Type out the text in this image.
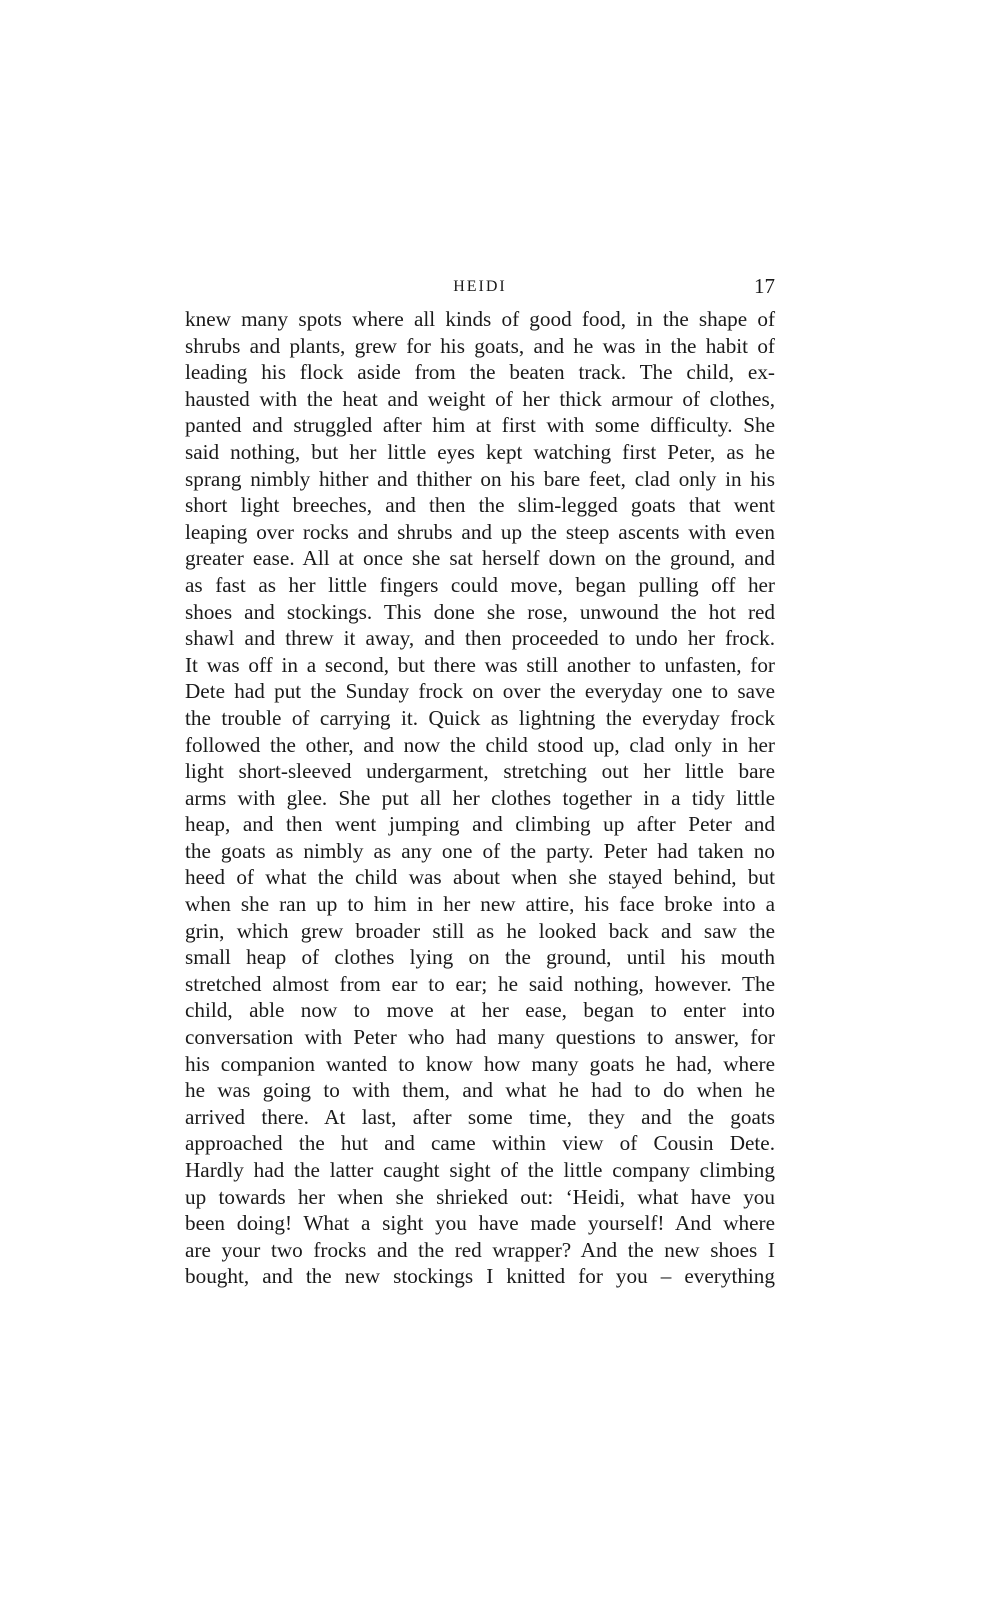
HEIDI	17
knew many spots where all kinds of good food, in the shape of
shrubs and plants, grew for his goats, and he was in the habit of
leading his flock aside from the beaten track. The child, ex-
hausted with the heat and weight of her thick armour of clothes,
panted and struggled after him at first with some difficulty. She
said nothing, but her little eyes kept watching first Peter, as he
sprang nimbly hither and thither on his bare feet, clad only in his
short light breeches, and then the slim-legged goats that went
leaping over rocks and shrubs and up the steep ascents with even
greater ease. All at once she sat herself down on the ground, and
as fast as her little fingers could move, began pulling off her
shoes and stockings. This done she rose, unwound the hot red
shawl and threw it away, and then proceeded to undo her frock.
It was off in a second, but there was still another to unfasten, for
Dete had put the Sunday frock on over the everyday one to save
the trouble of carrying it. Quick as lightning the everyday frock
followed the other, and now the child stood up, clad only in her
light short-sleeved undergarment, stretching out her little bare
arms with glee. She put all her clothes together in a tidy little
heap, and then went jumping and climbing up after Peter and
the goats as nimbly as any one of the party. Peter had taken no
heed of what the child was about when she stayed behind, but
when she ran up to him in her new attire, his face broke into a
grin, which grew broader still as he looked back and saw the
small heap of clothes lying on the ground, until his mouth
stretched almost from ear to ear; he said nothing, however. The
child, able now to move at her ease, began to enter into
conversation with Peter who had many questions to answer, for
his companion wanted to know how many goats he had, where
he was going to with them, and what he had to do when he
arrived there. At last, after some time, they and the goats
approached the hut and came within view of Cousin Dete.
Hardly had the latter caught sight of the little company climbing
up towards her when she shrieked out: ‘Heidi, what have you
been doing! What a sight you have made yourself! And where
are your two frocks and the red wrapper? And the new shoes I
bought, and the new stockings I knitted for you – everything
